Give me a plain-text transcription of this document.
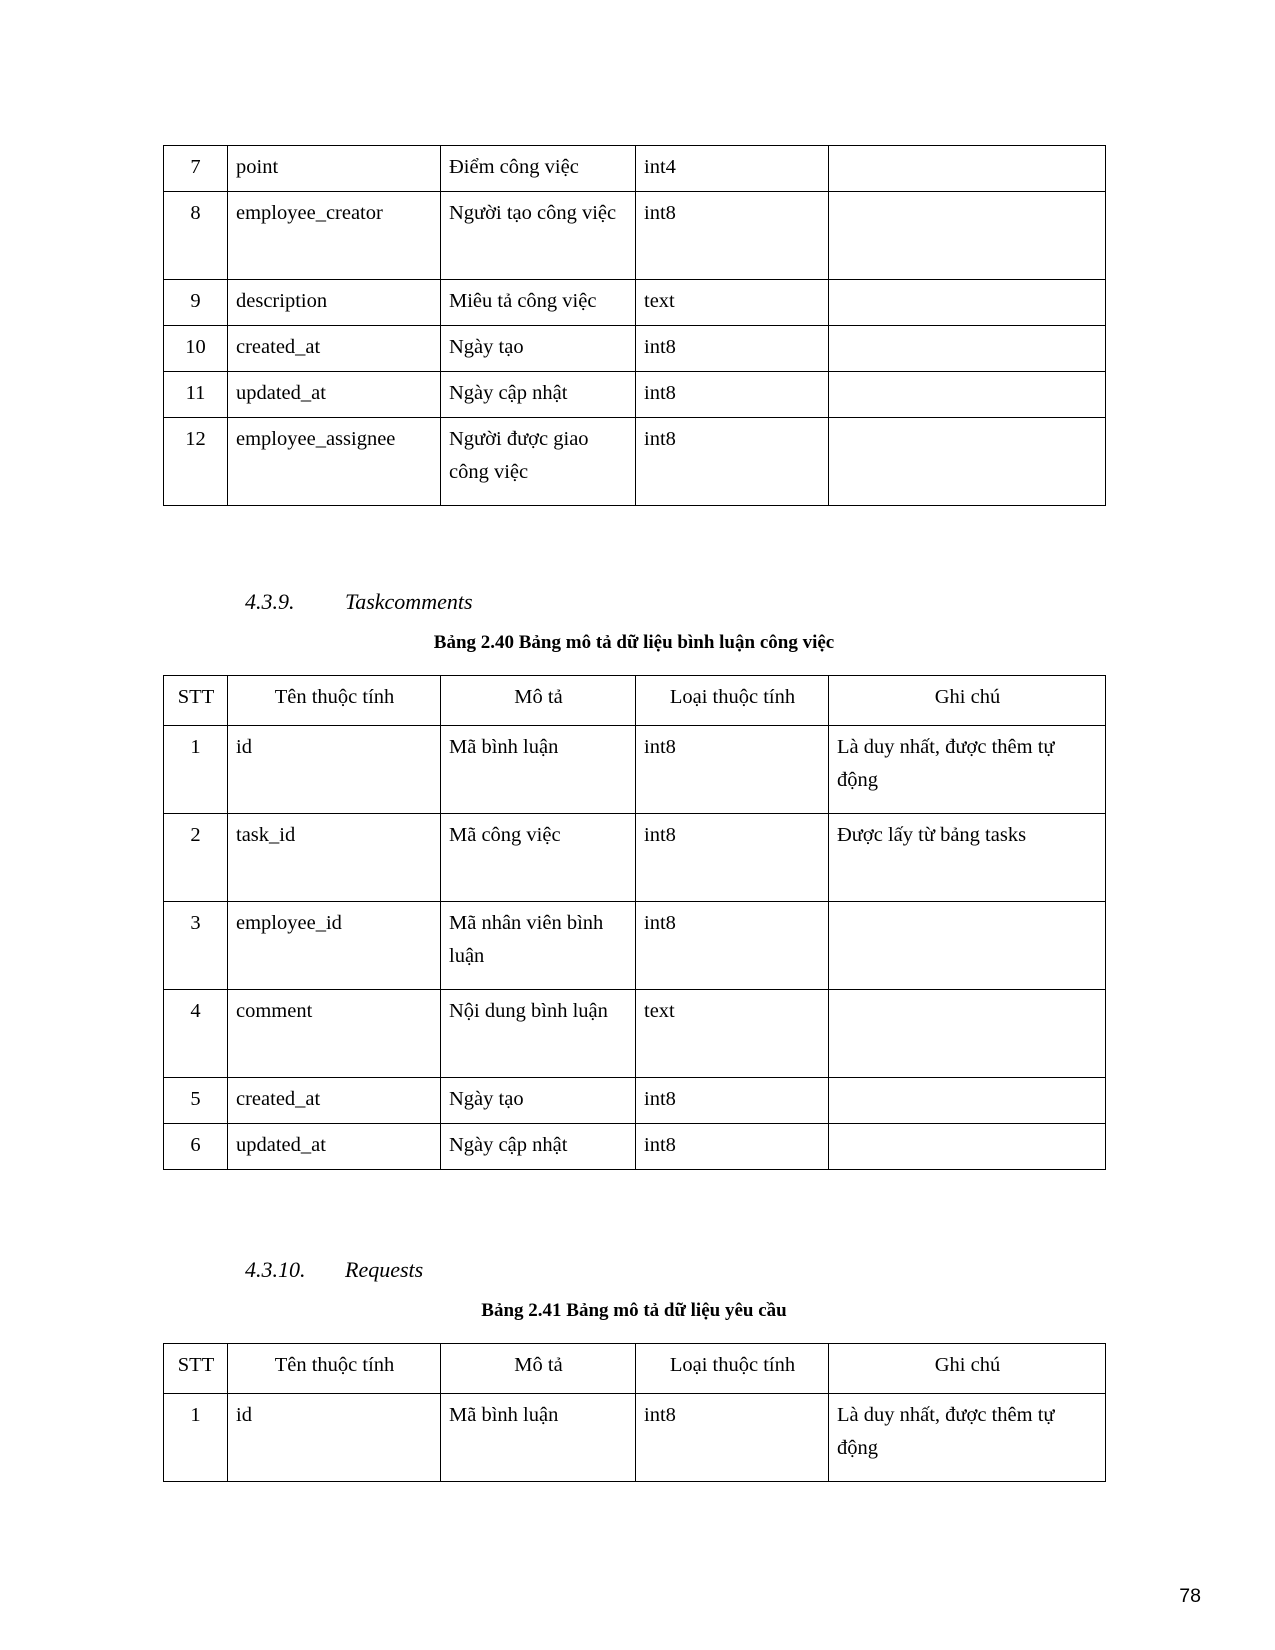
7	point	Điểm công việc	int4	
8	employee_creator	Người tạo công việc	int8	
9	description	Miêu tả công việc	text	
10	created_at	Ngày tạo	int8	
11	updated_at	Ngày cập nhật	int8	
12	employee_assignee	Người được giao công việc	int8	
4.3.9. Taskcomments
Bảng 2.40 Bảng mô tả dữ liệu bình luận công việc
STT	Tên thuộc tính	Mô tả	Loại thuộc tính	Ghi chú
1	id	Mã bình luận	int8	Là duy nhất, được thêm tự động
2	task_id	Mã công việc	int8	Được lấy từ bảng tasks
3	employee_id	Mã nhân viên bình luận	int8	
4	comment	Nội dung bình luận	text	
5	created_at	Ngày tạo	int8	
6	updated_at	Ngày cập nhật	int8	
4.3.10. Requests
Bảng 2.41 Bảng mô tả dữ liệu yêu cầu
STT	Tên thuộc tính	Mô tả	Loại thuộc tính	Ghi chú
1	id	Mã bình luận	int8	Là duy nhất, được thêm tự động
78
